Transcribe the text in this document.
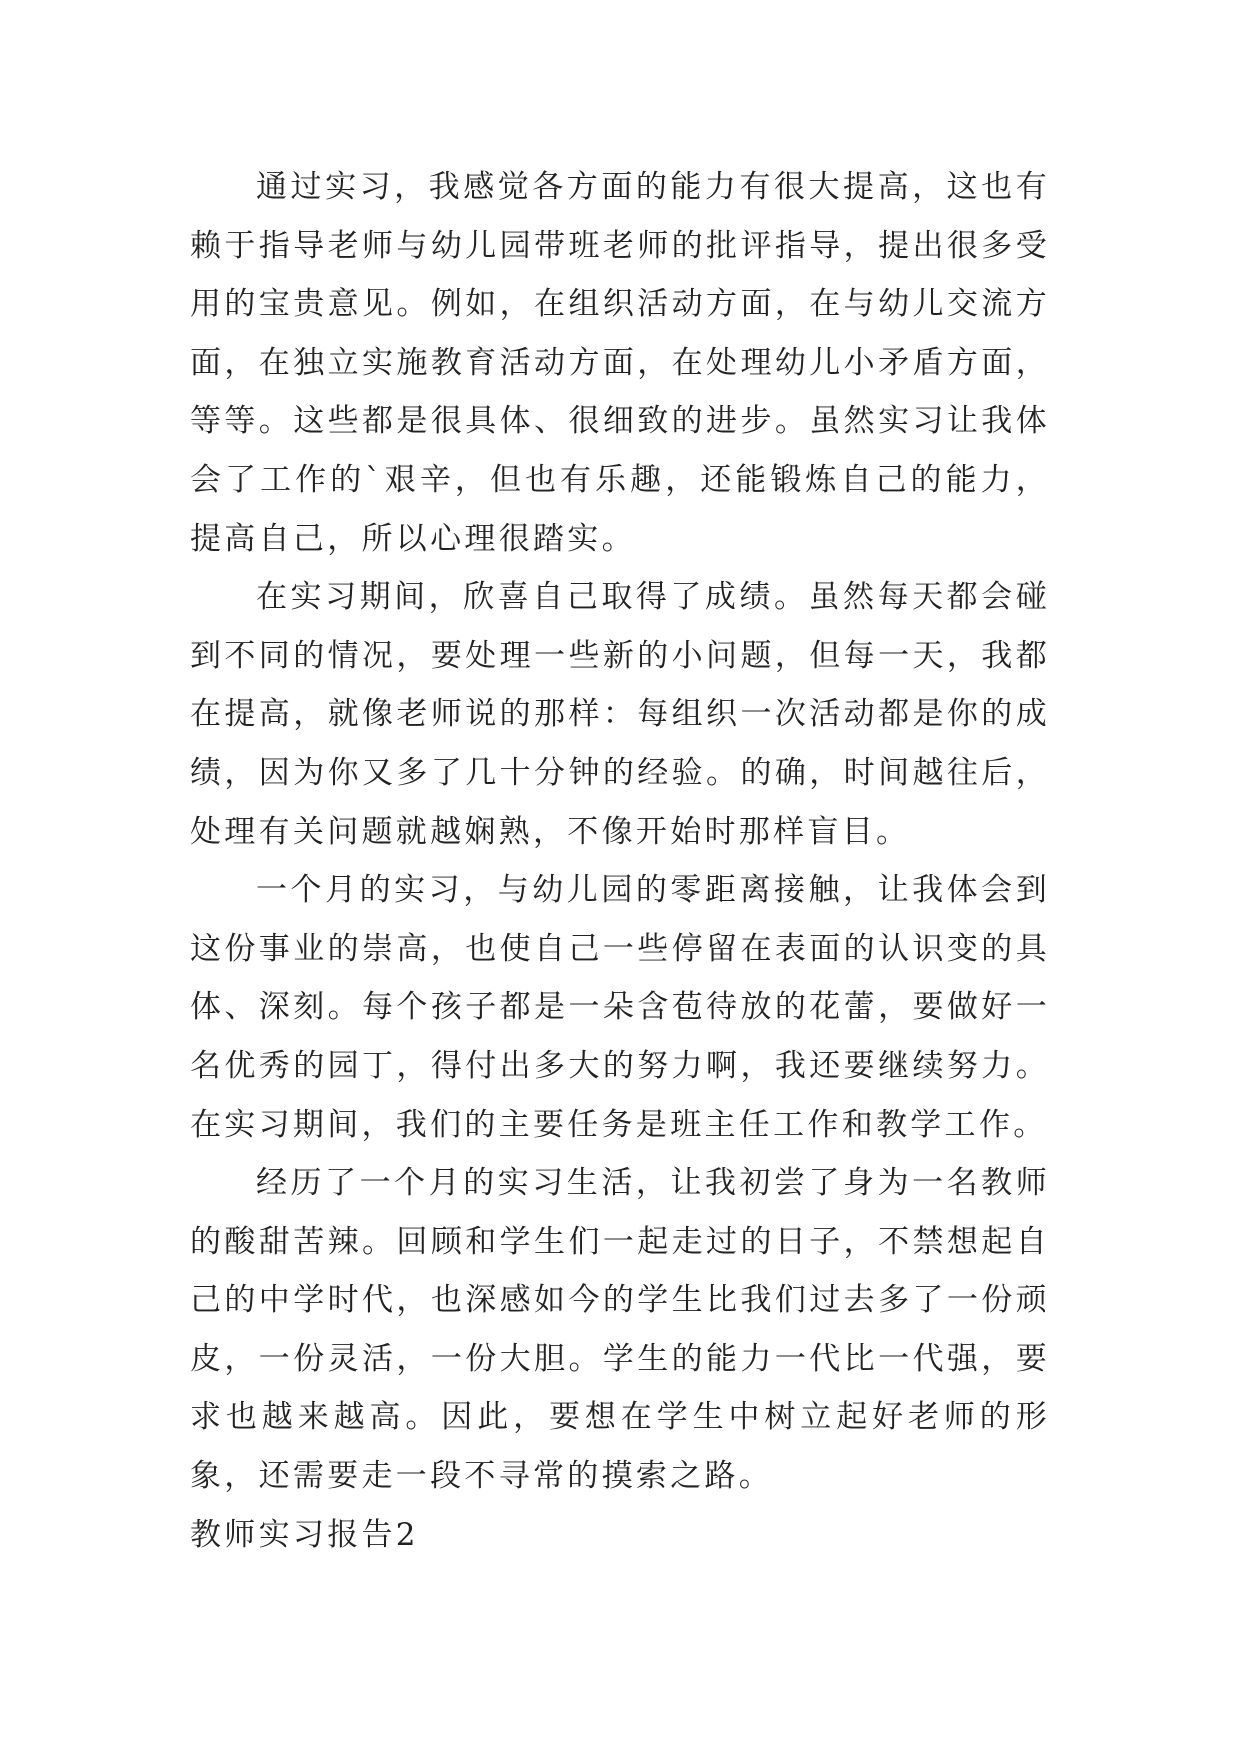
通过实习，我感觉各方面的能力有很大提高，这也有赖于指导老师与幼儿园带班老师的批评指导，提出很多受用的宝贵意见。例如，在组织活动方面，在与幼儿交流方面，在独立实施教育活动方面，在处理幼儿小矛盾方面，等等。这些都是很具体、很细致的进步。虽然实习让我体会了工作的`艰辛，但也有乐趣，还能锻炼自己的能力，提高自己，所以心理很踏实。

在实习期间，欣喜自己取得了成绩。虽然每天都会碰到不同的情况，要处理一些新的小问题，但每一天，我都在提高，就像老师说的那样：每组织一次活动都是你的成绩，因为你又多了几十分钟的经验。的确，时间越往后，处理有关问题就越娴熟，不像开始时那样盲目。

一个月的实习，与幼儿园的零距离接触，让我体会到这份事业的崇高，也使自己一些停留在表面的认识变的具体、深刻。每个孩子都是一朵含苞待放的花蕾，要做好一名优秀的园丁，得付出多大的努力啊，我还要继续努力。在实习期间，我们的主要任务是班主任工作和教学工作。

经历了一个月的实习生活，让我初尝了身为一名教师的酸甜苦辣。回顾和学生们一起走过的日子，不禁想起自己的中学时代，也深感如今的学生比我们过去多了一份顽皮，一份灵活，一份大胆。学生的能力一代比一代强，要求也越来越高。因此，要想在学生中树立起好老师的形象，还需要走一段不寻常的摸索之路。

教师实习报告2
